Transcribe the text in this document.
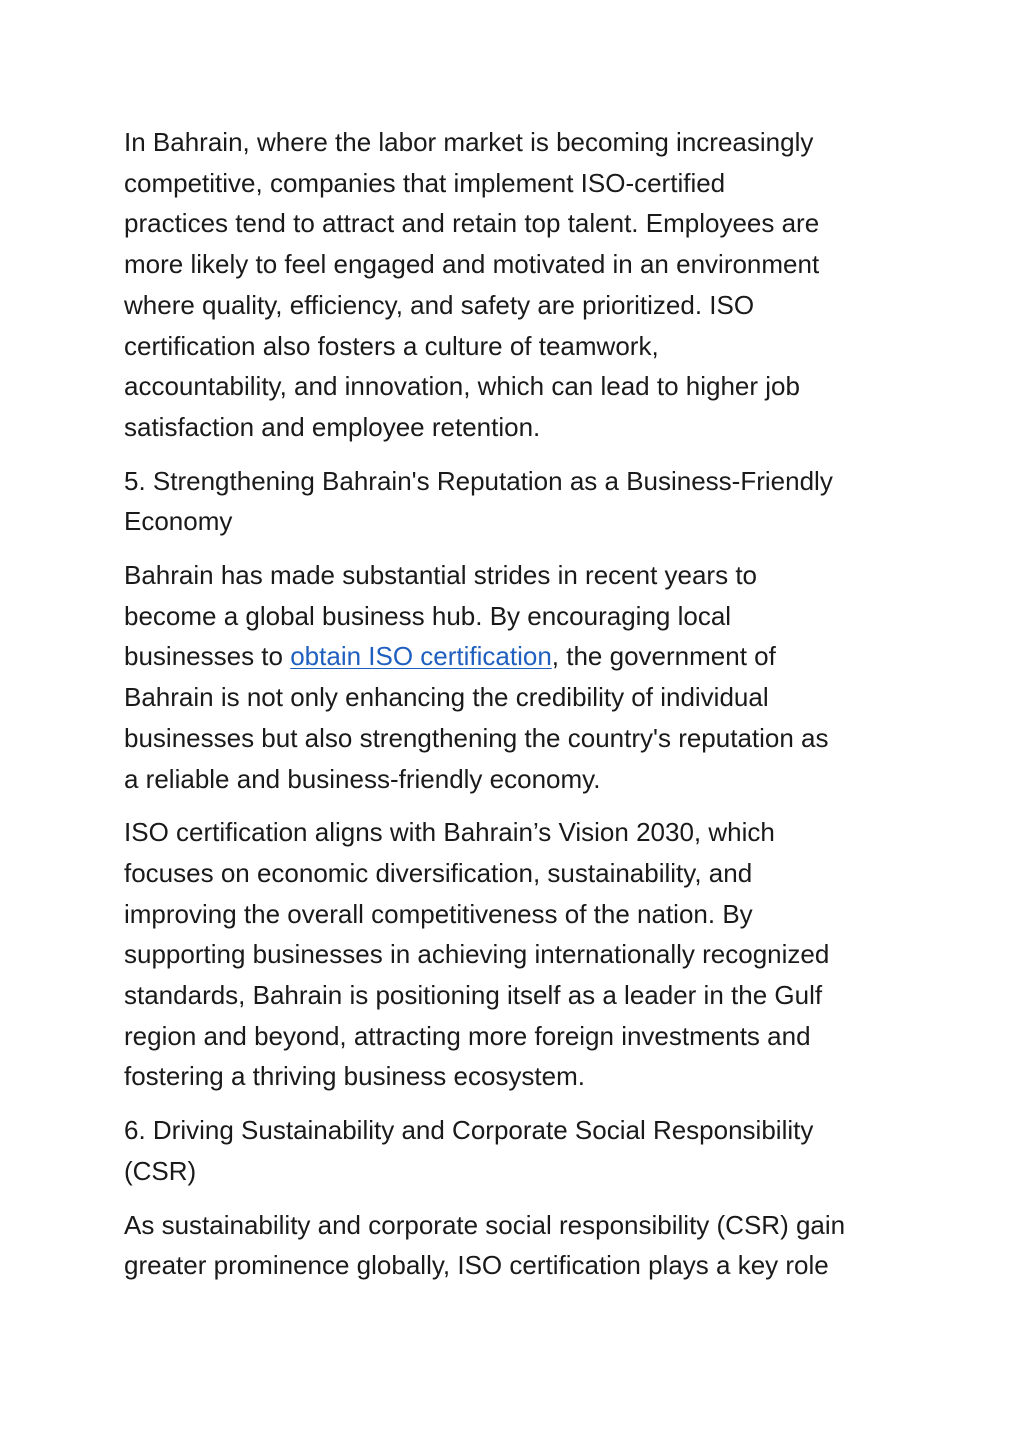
In Bahrain, where the labor market is becoming increasingly
competitive, companies that implement ISO-certified
practices tend to attract and retain top talent. Employees are
more likely to feel engaged and motivated in an environment
where quality, efficiency, and safety are prioritized. ISO
certification also fosters a culture of teamwork,
accountability, and innovation, which can lead to higher job
satisfaction and employee retention.

5. Strengthening Bahrain's Reputation as a Business-Friendly
Economy

Bahrain has made substantial strides in recent years to
become a global business hub. By encouraging local
businesses to obtain ISO certification, the government of
Bahrain is not only enhancing the credibility of individual
businesses but also strengthening the country's reputation as
a reliable and business-friendly economy.

ISO certification aligns with Bahrain’s Vision 2030, which
focuses on economic diversification, sustainability, and
improving the overall competitiveness of the nation. By
supporting businesses in achieving internationally recognized
standards, Bahrain is positioning itself as a leader in the Gulf
region and beyond, attracting more foreign investments and
fostering a thriving business ecosystem.

6. Driving Sustainability and Corporate Social Responsibility
(CSR)

As sustainability and corporate social responsibility (CSR) gain
greater prominence globally, ISO certification plays a key role
